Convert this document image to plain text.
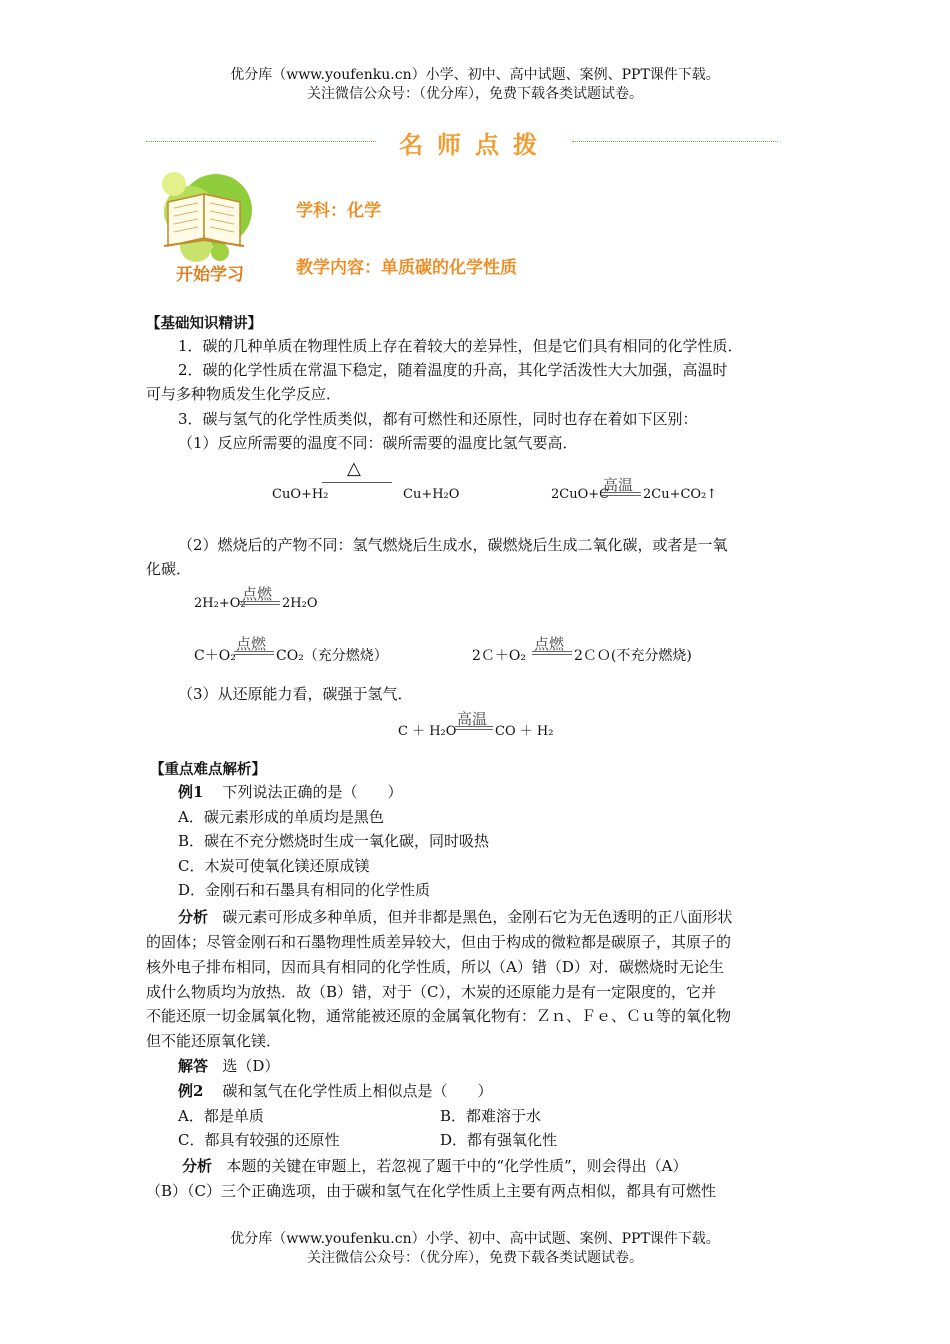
优分库（www.youfenku.cn）小学、初中、高中试题、案例、PPT课件下载。
关注微信公众号：（优分库），免费下载各类试题试卷。
名师点拨
开始学习
学科：化学
教学内容：单质碳的化学性质
【基础知识精讲】
1．碳的几种单质在物理性质上存在着较大的差异性，但是它们具有相同的化学性质．
2．碳的化学性质在常温下稳定，随着温度的升高，其化学活泼性大大加强，高温时
可与多种物质发生化学反应．
3．碳与氢气的化学性质类似，都有可燃性和还原性，同时也存在着如下区别：
（1）反应所需要的温度不同：碳所需要的温度比氢气要高．
CuO+H₂
△
Cu+H₂O	2CuO+C
高温
2Cu+CO₂↑
（2）燃烧后的产物不同：氢气燃烧后生成水，碳燃烧后生成二氧化碳，或者是一氧
化碳．
2H₂+O₂
点燃
2H₂O
C＋O₂
点燃
CO₂（充分燃烧）	2Ｃ＋O₂
点燃
2ＣＯ(不充分燃烧)
（3）从还原能力看，碳强于氢气．
C ＋ H₂O
高温
CO ＋ H₂
【重点难点解析】
例1 下列说法正确的是（　　）
A．碳元素形成的单质均是黑色
B．碳在不充分燃烧时生成一氧化碳，同时吸热
C．木炭可使氧化镁还原成镁
D．金刚石和石墨具有相同的化学性质
分析 碳元素可形成多种单质，但并非都是黑色，金刚石它为无色透明的正八面形状
的固体；尽管金刚石和石墨物理性质差异较大，但由于构成的微粒都是碳原子，其原子的
核外电子排布相同，因而具有相同的化学性质，所以（A）错（D）对．碳燃烧时无论生
成什么物质均为放热．故（B）错，对于（C），木炭的还原能力是有一定限度的，它并
不能还原一切金属氧化物，通常能被还原的金属氧化物有：Ｚｎ、Ｆｅ、Ｃｕ等的氧化物
但不能还原氧化镁．
解答 选（D）
例2 碳和氢气在化学性质上相似点是（　　）
A．都是单质	B．都难溶于水
C．都具有较强的还原性	D．都有强氧化性
分析 本题的关键在审题上，若忽视了题干中的“化学性质”，则会得出（A）
（B）（C）三个正确选项，由于碳和氢气在化学性质上主要有两点相似，都具有可燃性
优分库（www.youfenku.cn）小学、初中、高中试题、案例、PPT课件下载。
关注微信公众号：（优分库），免费下载各类试题试卷。
